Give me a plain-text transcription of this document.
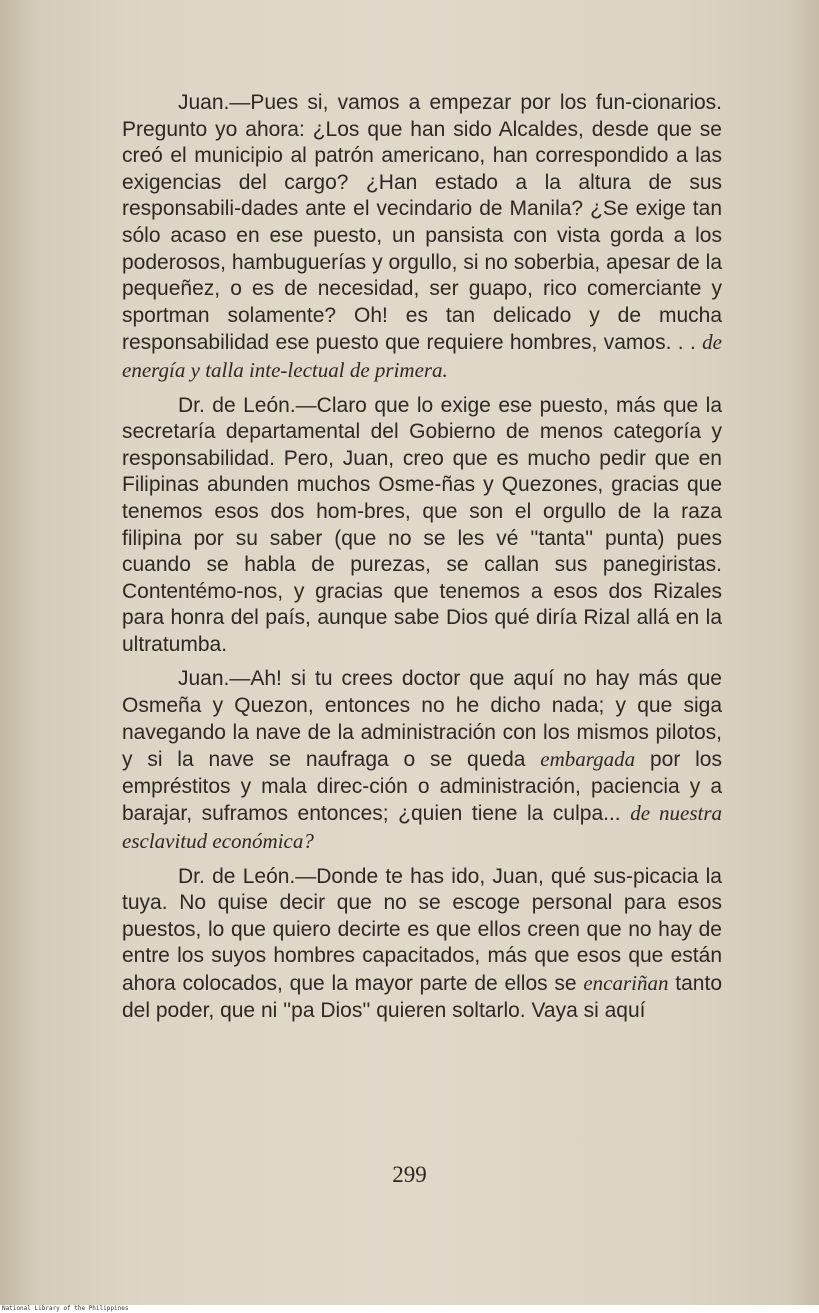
Juan.—Pues si, vamos a empezar por los fun-cionarios. Pregunto yo ahora: ¿Los que han sido Alcaldes, desde que se creó el municipio al patrón americano, han correspondido a las exigencias del cargo? ¿Han estado a la altura de sus responsabili-dades ante el vecindario de Manila? ¿Se exige tan sólo acaso en ese puesto, un pansista con vista gorda a los poderosos, hambuguerías y orgullo, si no soberbia, apesar de la pequeñez, o es de necesidad, ser guapo, rico comerciante y sportman solamente? Oh! es tan delicado y de mucha responsabilidad ese puesto que requiere hombres, vamos. . . de energía y talla inte-lectual de primera.

Dr. de León.—Claro que lo exige ese puesto, más que la secretaría departamental del Gobierno de menos categoría y responsabilidad. Pero, Juan, creo que es mucho pedir que en Filipinas abunden muchos Osme-ñas y Quezones, gracias que tenemos esos dos hom-bres, que son el orgullo de la raza filipina por su saber (que no se les vé ''tanta'' punta) pues cuando se habla de purezas, se callan sus panegiristas. Contentémo-nos, y gracias que tenemos a esos dos Rizales para honra del país, aunque sabe Dios qué diría Rizal allá en la ultratumba.

Juan.—Ah! si tu crees doctor que aquí no hay más que Osmeña y Quezon, entonces no he dicho nada; y que siga navegando la nave de la administración con los mismos pilotos, y si la nave se naufraga o se queda embargada por los empréstitos y mala direc-ción o administración, paciencia y a barajar, suframos entonces; ¿quien tiene la culpa... de nuestra esclavitud económica?

Dr. de León.—Donde te has ido, Juan, qué sus-picacia la tuya. No quise decir que no se escoge personal para esos puestos, lo que quiero decirte es que ellos creen que no hay de entre los suyos hombres capacitados, más que esos que están ahora colocados, que la mayor parte de ellos se encariñan tanto del poder, que ni ''pa Dios'' quieren soltarlo. Vaya si aquí

299
National Library of the Philippines
